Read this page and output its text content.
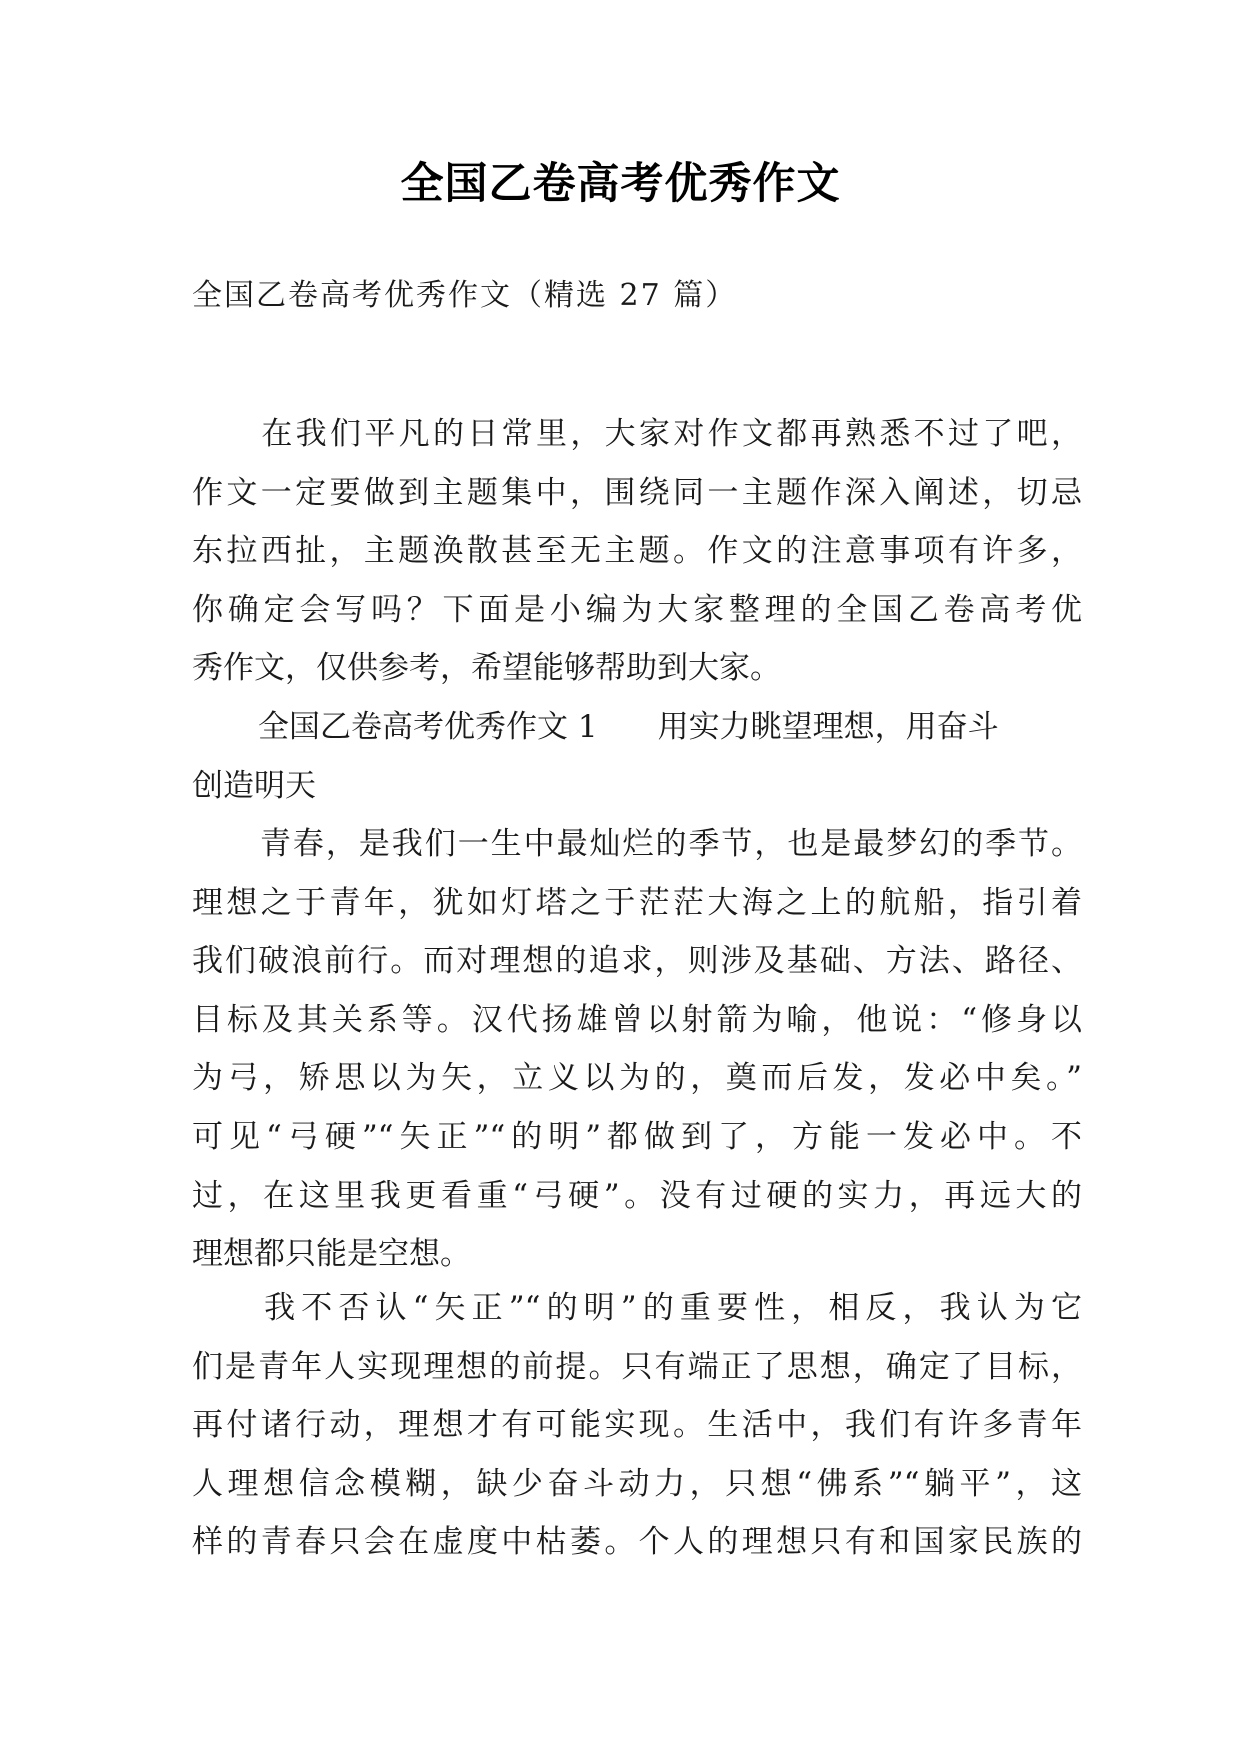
全国乙卷高考优秀作文

全国乙卷高考优秀作文（精选 27 篇）

在我们平凡的日常里，大家对作文都再熟悉不过了吧，
作文一定要做到主题集中，围绕同一主题作深入阐述，切忌
东拉西扯，主题涣散甚至无主题。作文的注意事项有许多，
你确定会写吗？下面是小编为大家整理的全国乙卷高考优
秀作文，仅供参考，希望能够帮助到大家。
全国乙卷高考优秀作文 1 用实力眺望理想，用奋斗
创造明天
青春，是我们一生中最灿烂的季节，也是最梦幻的季节。
理想之于青年，犹如灯塔之于茫茫大海之上的航船，指引着
我们破浪前行。而对理想的追求，则涉及基础、方法、路径、
目标及其关系等。汉代扬雄曾以射箭为喻，他说：“修身以
为弓，矫思以为矢，立义以为的，奠而后发，发必中矣。”
可见“弓硬”“矢正”“的明”都做到了，方能一发必中。不
过，在这里我更看重“弓硬”。没有过硬的实力，再远大的
理想都只能是空想。
我不否认“矢正”“的明”的重要性，相反，我认为它
们是青年人实现理想的前提。只有端正了思想，确定了目标，
再付诸行动，理想才有可能实现。生活中，我们有许多青年
人理想信念模糊，缺少奋斗动力，只想“佛系”“躺平”，这
样的青春只会在虚度中枯萎。个人的理想只有和国家民族的
